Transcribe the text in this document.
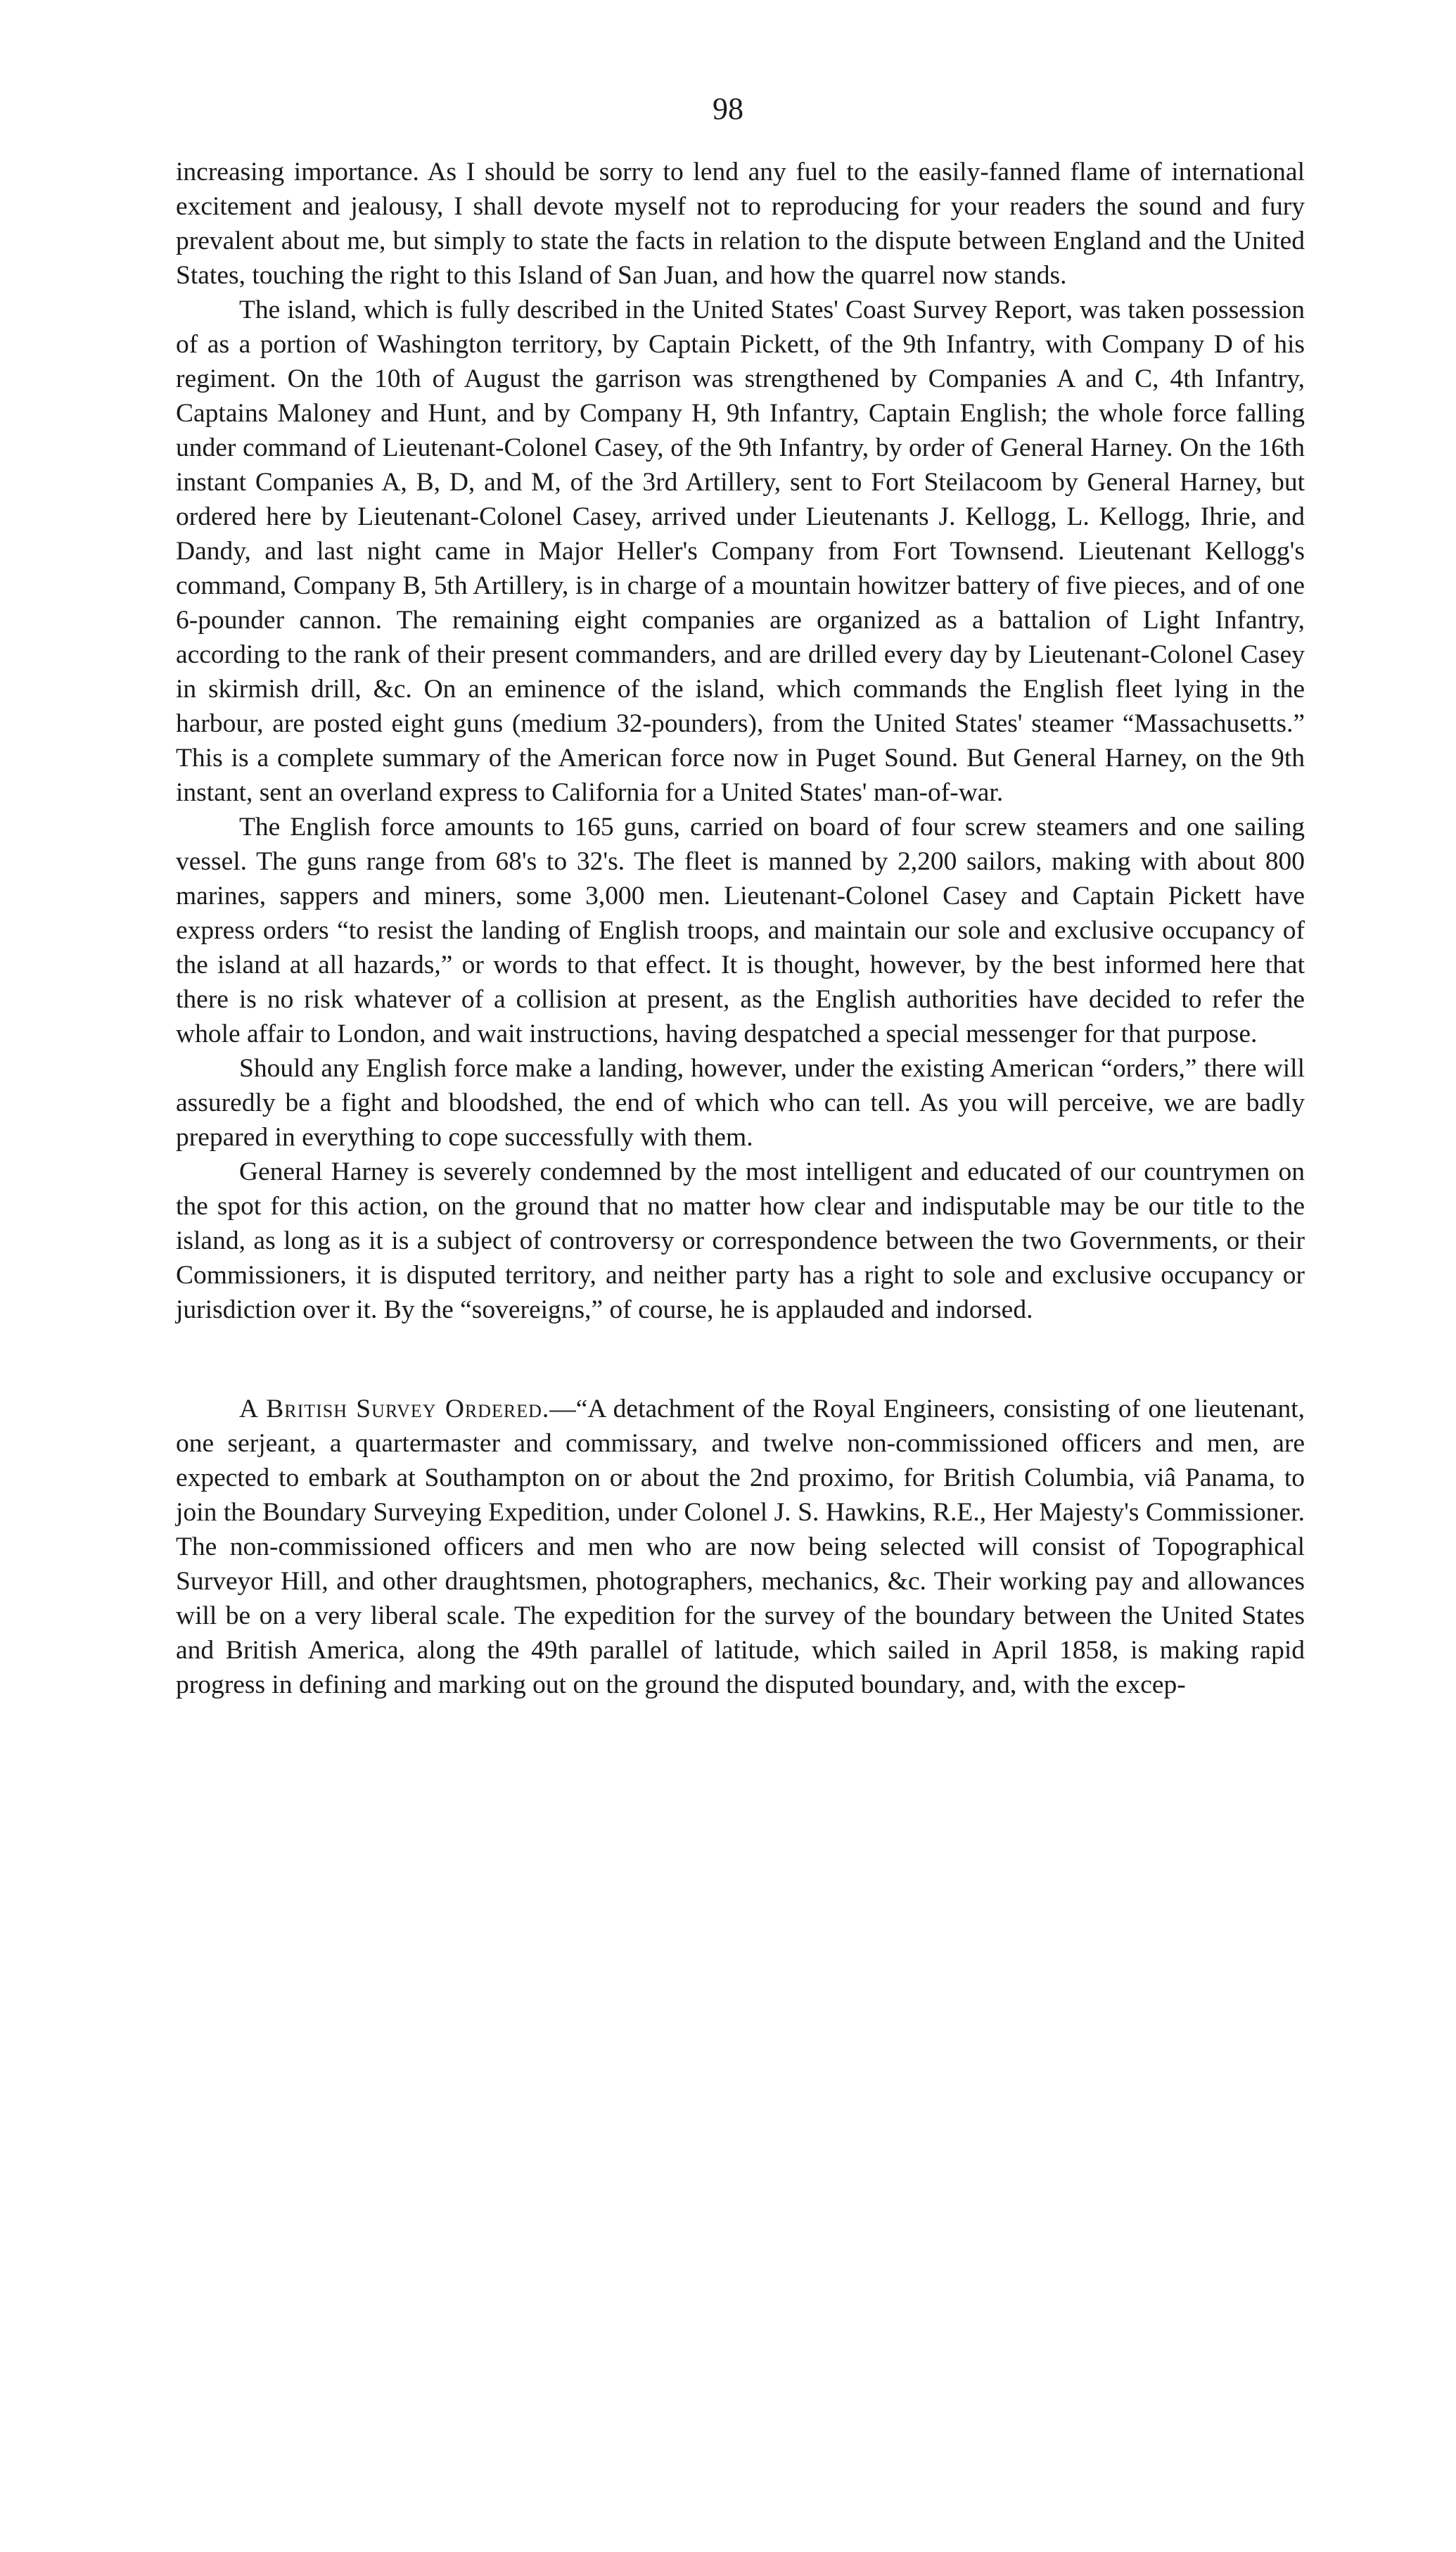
98

increasing importance. As I should be sorry to lend any fuel to the easily-fanned flame of international excitement and jealousy, I shall devote myself not to reproducing for your readers the sound and fury prevalent about me, but simply to state the facts in relation to the dispute between England and the United States, touching the right to this Island of San Juan, and how the quarrel now stands.

The island, which is fully described in the United States' Coast Survey Report, was taken possession of as a portion of Washington territory, by Captain Pickett, of the 9th Infantry, with Company D of his regiment. On the 10th of August the garrison was strengthened by Companies A and C, 4th Infantry, Captains Maloney and Hunt, and by Company H, 9th Infantry, Captain English; the whole force falling under command of Lieutenant-Colonel Casey, of the 9th Infantry, by order of General Harney. On the 16th instant Companies A, B, D, and M, of the 3rd Artillery, sent to Fort Steilacoom by General Harney, but ordered here by Lieutenant-Colonel Casey, arrived under Lieutenants J. Kellogg, L. Kellogg, Ihrie, and Dandy, and last night came in Major Heller's Company from Fort Townsend. Lieutenant Kellogg's command, Company B, 5th Artillery, is in charge of a mountain howitzer battery of five pieces, and of one 6-pounder cannon. The remaining eight companies are organized as a battalion of Light Infantry, according to the rank of their present commanders, and are drilled every day by Lieutenant-Colonel Casey in skirmish drill, &c. On an eminence of the island, which commands the English fleet lying in the harbour, are posted eight guns (medium 32-pounders), from the United States' steamer “Massachusetts.” This is a complete summary of the American force now in Puget Sound. But General Harney, on the 9th instant, sent an overland express to California for a United States' man-of-war.

The English force amounts to 165 guns, carried on board of four screw steamers and one sailing vessel. The guns range from 68's to 32's. The fleet is manned by 2,200 sailors, making with about 800 marines, sappers and miners, some 3,000 men. Lieutenant-Colonel Casey and Captain Pickett have express orders “to resist the landing of English troops, and maintain our sole and exclusive occupancy of the island at all hazards,” or words to that effect. It is thought, however, by the best informed here that there is no risk whatever of a collision at present, as the English authorities have decided to refer the whole affair to London, and wait instructions, having despatched a special messenger for that purpose.

Should any English force make a landing, however, under the existing American “orders,” there will assuredly be a fight and bloodshed, the end of which who can tell. As you will perceive, we are badly prepared in everything to cope successfully with them.

General Harney is severely condemned by the most intelligent and educated of our countrymen on the spot for this action, on the ground that no matter how clear and indisputable may be our title to the island, as long as it is a subject of controversy or correspondence between the two Governments, or their Commissioners, it is disputed territory, and neither party has a right to sole and exclusive occupancy or jurisdiction over it. By the “sovereigns,” of course, he is applauded and indorsed.

A British Survey Ordered.—“A detachment of the Royal Engineers, consisting of one lieutenant, one serjeant, a quartermaster and commissary, and twelve non-commissioned officers and men, are expected to embark at Southampton on or about the 2nd proximo, for British Columbia, viâ Panama, to join the Boundary Surveying Expedition, under Colonel J. S. Hawkins, R.E., Her Majesty's Commissioner. The non-commissioned officers and men who are now being selected will consist of Topographical Surveyor Hill, and other draughtsmen, photographers, mechanics, &c. Their working pay and allowances will be on a very liberal scale. The expedition for the survey of the boundary between the United States and British America, along the 49th parallel of latitude, which sailed in April 1858, is making rapid progress in defining and marking out on the ground the disputed boundary, and, with the excep-
